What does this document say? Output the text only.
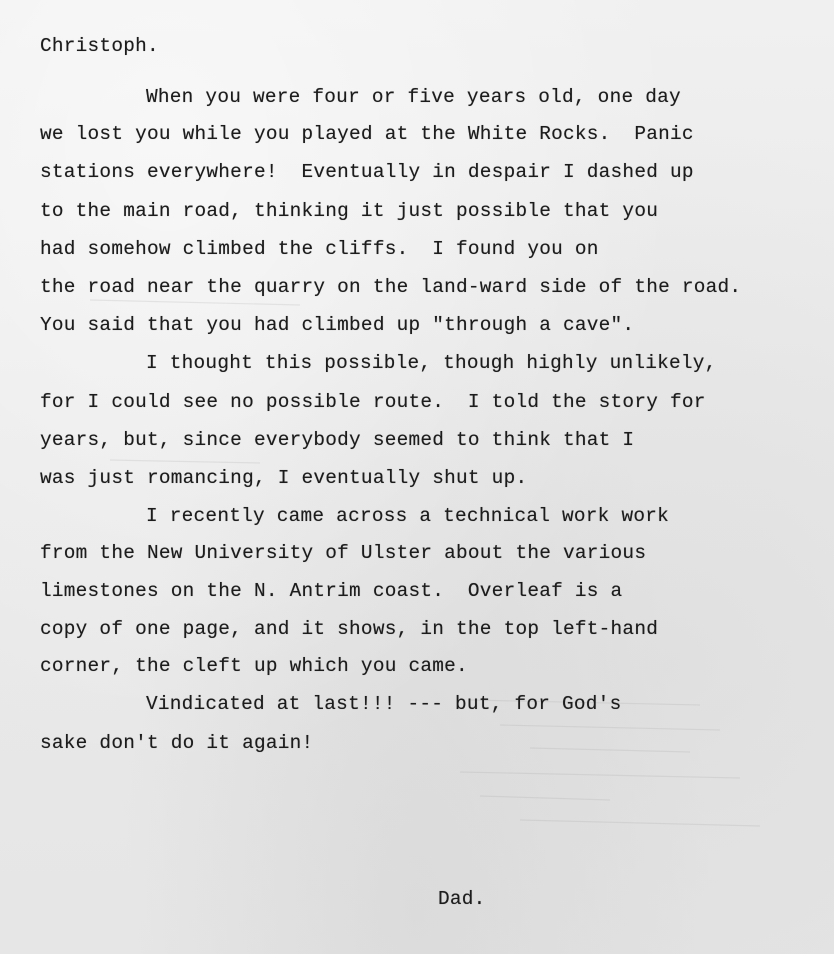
Christoph.
When you were four or five years old, one day
we lost you while you played at the White Rocks.  Panic
stations everywhere!  Eventually in despair I dashed up
to the main road, thinking it just possible that you
had somehow climbed the cliffs.  I found you on
the road near the quarry on the land-ward side of the road.
You said that you had climbed up "through a cave".
I thought this possible, though highly unlikely,
for I could see no possible route.  I told the story for
years, but, since everybody seemed to think that I
was just romancing, I eventually shut up.
I recently came across a technical work work
from the New University of Ulster about the various
limestones on the N. Antrim coast.  Overleaf is a
copy of one page, and it shows, in the top left-hand
corner, the cleft up which you came.
Vindicated at last!!! --- but, for God's
sake don't do it again!
Dad.
